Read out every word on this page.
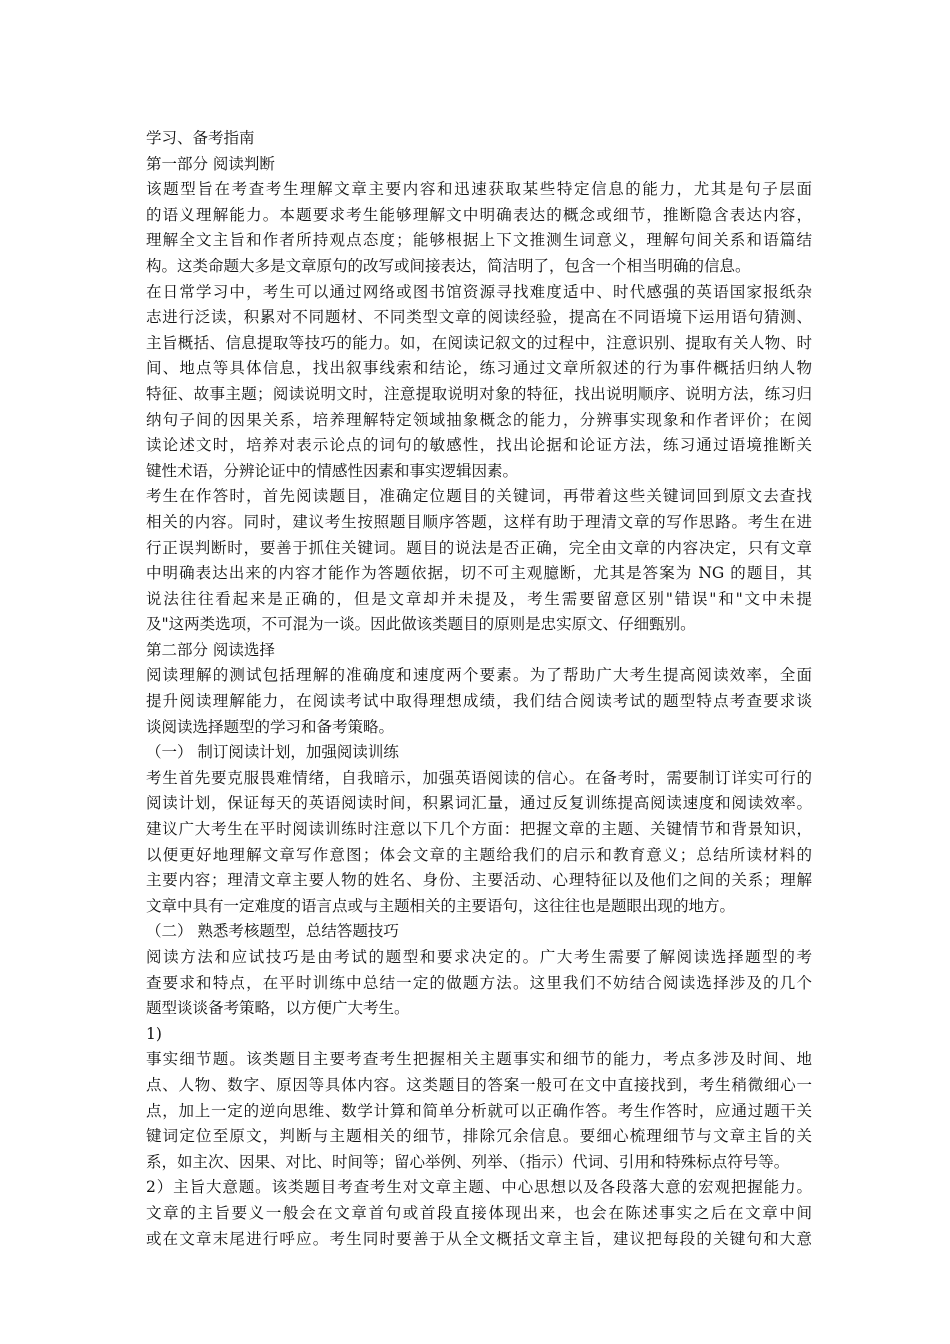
学习、备考指南
第一部分 阅读判断
该题型旨在考查考生理解文章主要内容和迅速获取某些特定信息的能力，尤其是句子层面
的语义理解能力。本题要求考生能够理解文中明确表达的概念或细节，推断隐含表达内容，
理解全文主旨和作者所持观点态度；能够根据上下文推测生词意义，理解句间关系和语篇结
构。这类命题大多是文章原句的改写或间接表达，简洁明了，包含一个相当明确的信息。
在日常学习中，考生可以通过网络或图书馆资源寻找难度适中、时代感强的英语国家报纸杂
志进行泛读，积累对不同题材、不同类型文章的阅读经验，提高在不同语境下运用语句猜测、
主旨概括、信息提取等技巧的能力。如，在阅读记叙文的过程中，注意识别、提取有关人物、时
间、地点等具体信息，找出叙事线索和结论，练习通过文章所叙述的行为事件概括归纳人物
特征、故事主题；阅读说明文时，注意提取说明对象的特征，找出说明顺序、说明方法，练习归
纳句子间的因果关系，培养理解特定领域抽象概念的能力，分辨事实现象和作者评价；在阅
读论述文时，培养对表示论点的词句的敏感性，找出论据和论证方法，练习通过语境推断关
键性术语，分辨论证中的情感性因素和事实逻辑因素。
考生在作答时，首先阅读题目，准确定位题目的关键词，再带着这些关键词回到原文去查找
相关的内容。同时，建议考生按照题目顺序答题，这样有助于理清文章的写作思路。考生在进
行正误判断时，要善于抓住关键词。题目的说法是否正确，完全由文章的内容决定，只有文章
中明确表达出来的内容才能作为答题依据，切不可主观臆断，尤其是答案为 NG 的题目，其
说法往往看起来是正确的，但是文章却并未提及，考生需要留意区别"错误"和"文中未提
及"这两类选项，不可混为一谈。因此做该类题目的原则是忠实原文、仔细甄别。
第二部分 阅读选择
阅读理解的测试包括理解的准确度和速度两个要素。为了帮助广大考生提高阅读效率，全面
提升阅读理解能力，在阅读考试中取得理想成绩，我们结合阅读考试的题型特点考查要求谈
谈阅读选择题型的学习和备考策略。
（一） 制订阅读计划，加强阅读训练
考生首先要克服畏难情绪，自我暗示，加强英语阅读的信心。在备考时，需要制订详实可行的
阅读计划，保证每天的英语阅读时间，积累词汇量，通过反复训练提高阅读速度和阅读效率。
建议广大考生在平时阅读训练时注意以下几个方面：把握文章的主题、关键情节和背景知识，
以便更好地理解文章写作意图；体会文章的主题给我们的启示和教育意义；总结所读材料的
主要内容；理清文章主要人物的姓名、身份、主要活动、心理特征以及他们之间的关系；理解
文章中具有一定难度的语言点或与主题相关的主要语句，这往往也是题眼出现的地方。
（二） 熟悉考核题型，总结答题技巧
阅读方法和应试技巧是由考试的题型和要求决定的。广大考生需要了解阅读选择题型的考
查要求和特点，在平时训练中总结一定的做题方法。这里我们不妨结合阅读选择涉及的几个
题型谈谈备考策略，以方便广大考生。
1)
事实细节题。该类题目主要考查考生把握相关主题事实和细节的能力，考点多涉及时间、地
点、人物、数字、原因等具体内容。这类题目的答案一般可在文中直接找到，考生稍微细心一
点，加上一定的逆向思维、数学计算和简单分析就可以正确作答。考生作答时，应通过题干关
键词定位至原文，判断与主题相关的细节，排除冗余信息。要细心梳理细节与文章主旨的关
系，如主次、因果、对比、时间等；留心举例、列举、（指示）代词、引用和特殊标点符号等。
2）主旨大意题。该类题目考查考生对文章主题、中心思想以及各段落大意的宏观把握能力。
文章的主旨要义一般会在文章首句或首段直接体现出来，也会在陈述事实之后在文章中间
或在文章末尾进行呼应。考生同时要善于从全文概括文章主旨，建议把每段的关键句和大意
